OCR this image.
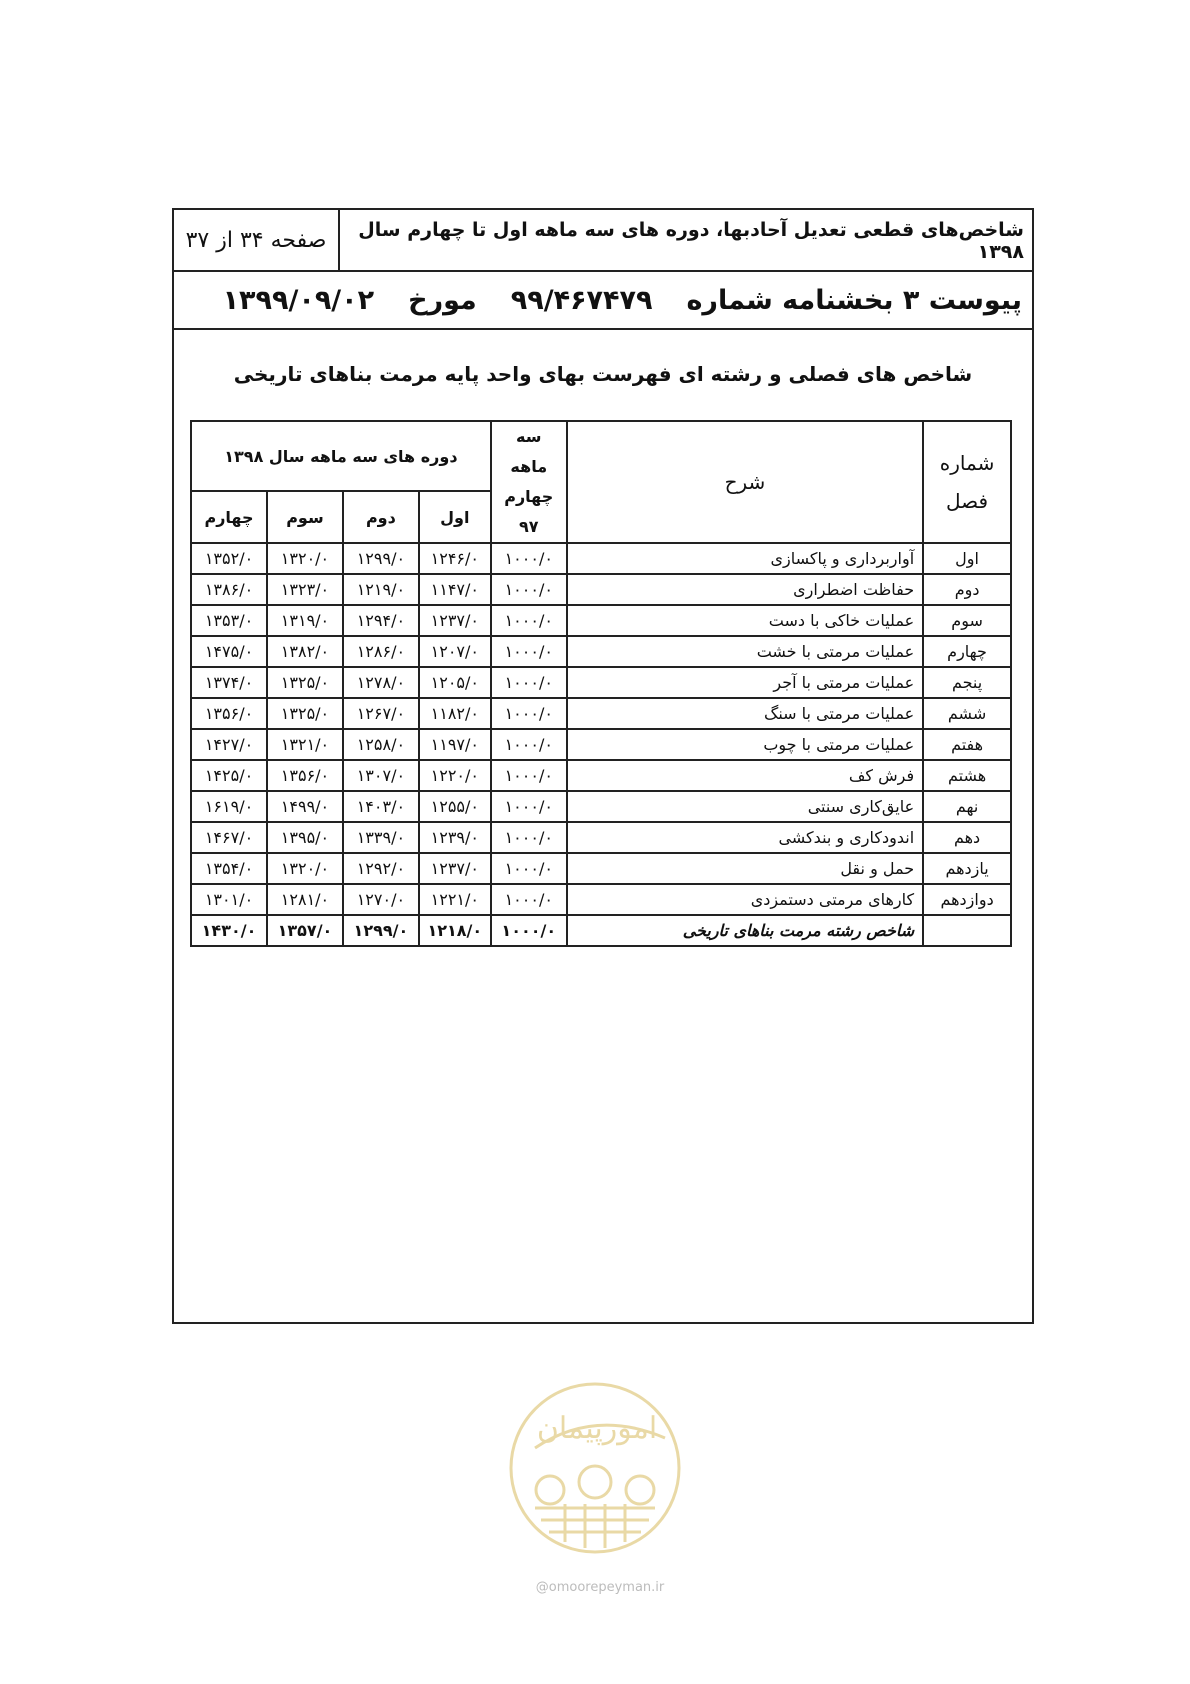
شاخص‌های قطعی تعدیل آحادبها، دوره های سه ماهه اول تا چهارم سال ۱۳۹۸
صفحه ۳۴ از ۳۷
پیوست ۳ بخشنامه شماره
۹۹/۴۶۷۴۷۹
مورخ
۱۳۹۹/۰۹/۰۲
شاخص های فصلی و رشته ای فهرست بهای واحد پایه مرمت بناهای تاریخی
شماره فصل	شرح	سه ماهه چهارم ۹۷	دوره های سه ماهه سال ۱۳۹۸			
			اول	دوم	سوم	چهارم
اول	آواربرداری و پاکسازی	۱۰۰۰/۰	۱۲۴۶/۰	۱۲۹۹/۰	۱۳۲۰/۰	۱۳۵۲/۰
دوم	حفاظت اضطراری	۱۰۰۰/۰	۱۱۴۷/۰	۱۲۱۹/۰	۱۳۲۳/۰	۱۳۸۶/۰
سوم	عملیات خاکی با دست	۱۰۰۰/۰	۱۲۳۷/۰	۱۲۹۴/۰	۱۳۱۹/۰	۱۳۵۳/۰
چهارم	عملیات مرمتی با خشت	۱۰۰۰/۰	۱۲۰۷/۰	۱۲۸۶/۰	۱۳۸۲/۰	۱۴۷۵/۰
پنجم	عملیات مرمتی با آجر	۱۰۰۰/۰	۱۲۰۵/۰	۱۲۷۸/۰	۱۳۲۵/۰	۱۳۷۴/۰
ششم	عملیات مرمتی با سنگ	۱۰۰۰/۰	۱۱۸۲/۰	۱۲۶۷/۰	۱۳۲۵/۰	۱۳۵۶/۰
هفتم	عملیات مرمتی با چوب	۱۰۰۰/۰	۱۱۹۷/۰	۱۲۵۸/۰	۱۳۲۱/۰	۱۴۲۷/۰
هشتم	فرش کف	۱۰۰۰/۰	۱۲۲۰/۰	۱۳۰۷/۰	۱۳۵۶/۰	۱۴۲۵/۰
نهم	عایق‌کاری سنتی	۱۰۰۰/۰	۱۲۵۵/۰	۱۴۰۳/۰	۱۴۹۹/۰	۱۶۱۹/۰
دهم	اندودکاری و بندکشی	۱۰۰۰/۰	۱۲۳۹/۰	۱۳۳۹/۰	۱۳۹۵/۰	۱۴۶۷/۰
یازدهم	حمل و نقل	۱۰۰۰/۰	۱۲۳۷/۰	۱۲۹۲/۰	۱۳۲۰/۰	۱۳۵۴/۰
دوازدهم	کارهای مرمتی دستمزدی	۱۰۰۰/۰	۱۲۲۱/۰	۱۲۷۰/۰	۱۲۸۱/۰	۱۳۰۱/۰
	شاخص رشته مرمت بناهای تاریخی	۱۰۰۰/۰	۱۲۱۸/۰	۱۲۹۹/۰	۱۳۵۷/۰	۱۴۳۰/۰
امورپیمان
@omoorepeyman.ir
